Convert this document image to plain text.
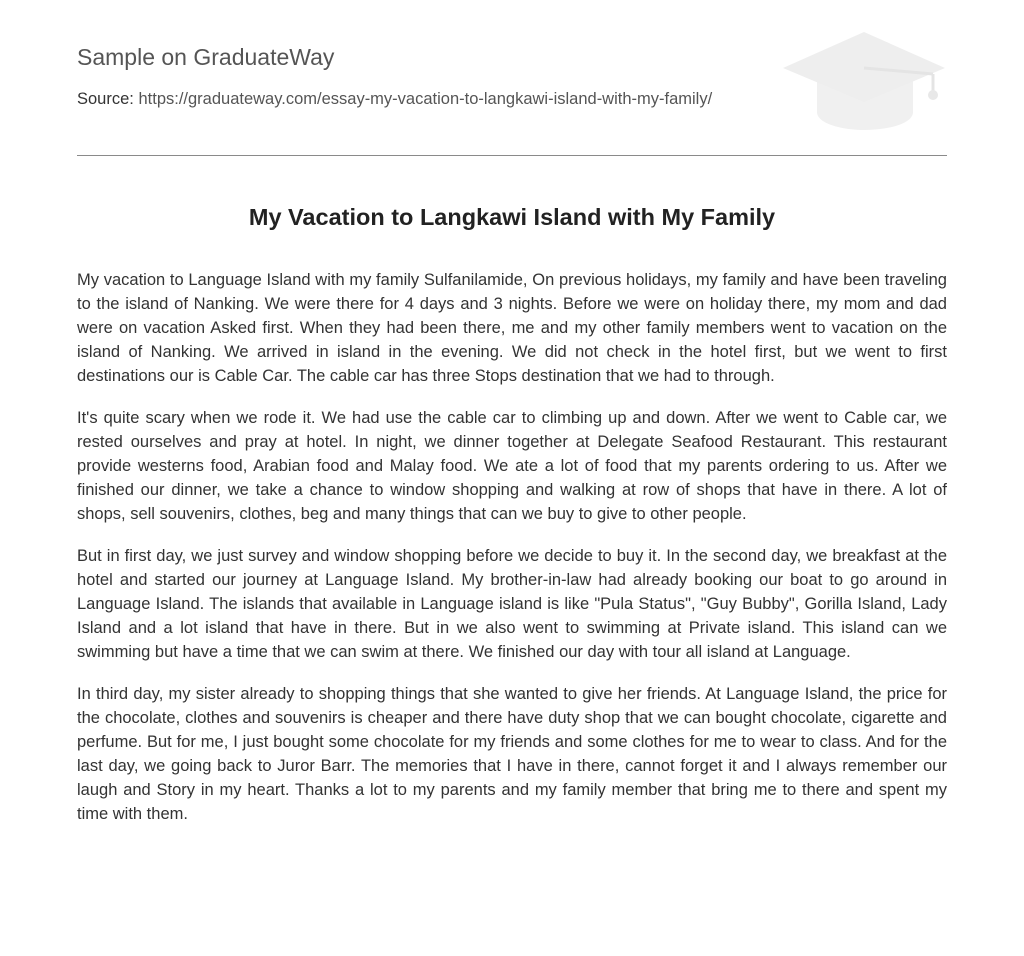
Sample on GraduateWay
Source: https://graduateway.com/essay-my-vacation-to-langkawi-island-with-my-family/
My Vacation to Langkawi Island with My Family

My vacation to Language Island with my family Sulfanilamide, On previous holidays, my family and have been traveling to the island of Nanking. We were there for 4 days and 3 nights. Before we were on holiday there, my mom and dad were on vacation Asked first. When they had been there, me and my other family members went to vacation on the island of Nanking. We arrived in island in the evening. We did not check in the hotel first, but we went to first destinations our is Cable Car. The cable car has three Stops destination that we had to through.

It's quite scary when we rode it. We had use the cable car to climbing up and down. After we went to Cable car, we rested ourselves and pray at hotel. In night, we dinner together at Delegate Seafood Restaurant. This restaurant provide westerns food, Arabian food and Malay food. We ate a lot of food that my parents ordering to us. After we finished our dinner, we take a chance to window shopping and walking at row of shops that have in there. A lot of shops, sell souvenirs, clothes, beg and many things that can we buy to give to other people.

But in first day, we just survey and window shopping before we decide to buy it. In the second day, we breakfast at the hotel and started our journey at Language Island. My brother-in-law had already booking our boat to go around in Language Island. The islands that available in Language island is like "Pula Status", "Guy Bubby", Gorilla Island, Lady Island and a lot island that have in there. But in we also went to swimming at Private island. This island can we swimming but have a time that we can swim at there. We finished our day with tour all island at Language.

In third day, my sister already to shopping things that she wanted to give her friends. At Language Island, the price for the chocolate, clothes and souvenirs is cheaper and there have duty shop that we can bought chocolate, cigarette and perfume. But for me, I just bought some chocolate for my friends and some clothes for me to wear to class. And for the last day, we going back to Juror Barr. The memories that I have in there, cannot forget it and I always remember our laugh and Story in my heart. Thanks a lot to my parents and my family member that bring me to there and spent my time with them.
